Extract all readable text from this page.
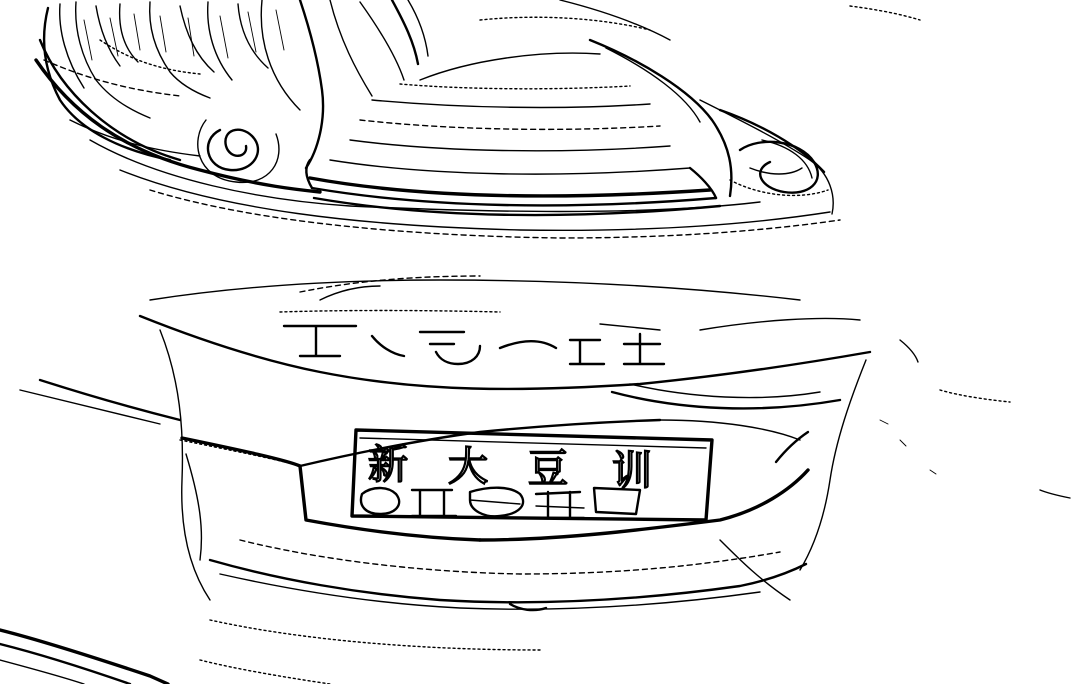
新 大 豆 训
